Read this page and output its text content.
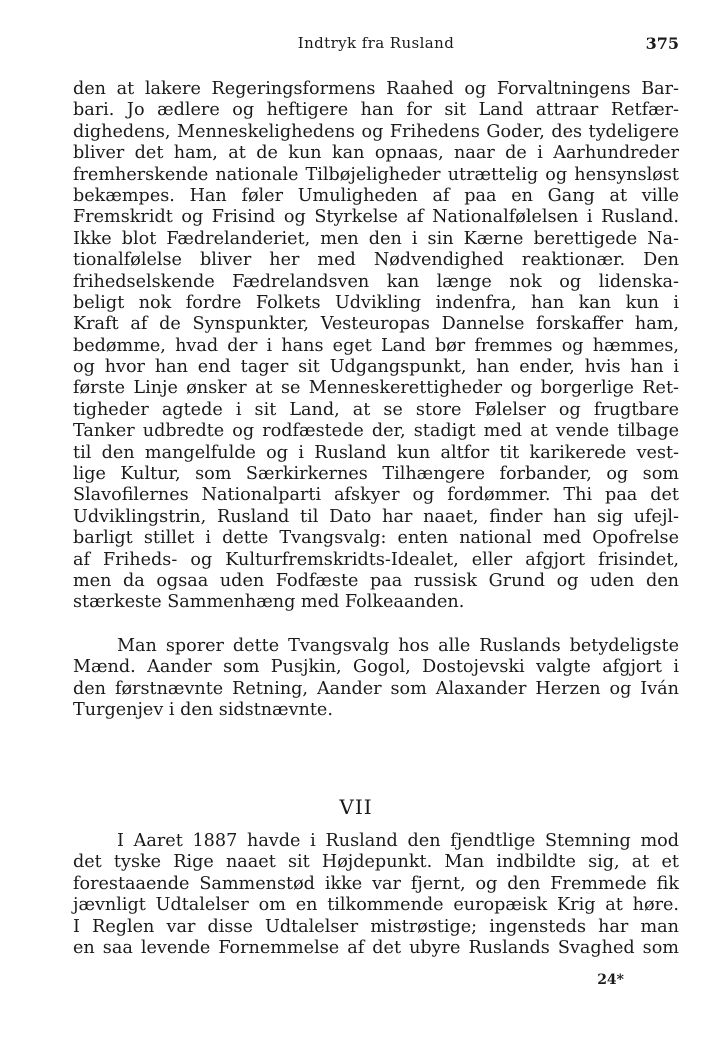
Indtryk fra Rusland	375
den at lakere Regeringsformens Raahed og Forvaltningens Bar-
bari. Jo ædlere og heftigere han for sit Land attraar Retfær-
dighedens, Menneskelighedens og Frihedens Goder, des tydeligere
bliver det ham, at de kun kan opnaas, naar de i Aarhundreder
fremherskende nationale Tilbøjeligheder utrættelig og hensynsløst
bekæmpes. Han føler Umuligheden af paa en Gang at ville
Fremskridt og Frisind og Styrkelse af Nationalfølelsen i Rusland.
Ikke blot Fædrelanderiet, men den i sin Kærne berettigede Na-
tionalfølelse bliver her med Nødvendighed reaktionær. Den
frihedselskende Fædrelandsven kan længe nok og lidenska-
beligt nok fordre Folkets Udvikling indenfra, han kan kun i
Kraft af de Synspunkter, Vesteuropas Dannelse forskaffer ham,
bedømme, hvad der i hans eget Land bør fremmes og hæmmes,
og hvor han end tager sit Udgangspunkt, han ender, hvis han i
første Linje ønsker at se Menneskerettigheder og borgerlige Ret-
tigheder agtede i sit Land, at se store Følelser og frugtbare
Tanker udbredte og rodfæstede der, stadigt med at vende tilbage
til den mangelfulde og i Rusland kun altfor tit karikerede vest-
lige Kultur, som Særkirkernes Tilhængere forbander, og som
Slavofilernes Nationalparti afskyer og fordømmer. Thi paa det
Udviklingstrin, Rusland til Dato har naaet, finder han sig ufejl-
barligt stillet i dette Tvangsvalg: enten national med Opofrelse
af Friheds- og Kulturfremskridts-Idealet, eller afgjort frisindet,
men da ogsaa uden Fodfæste paa russisk Grund og uden den
stærkeste Sammenhæng med Folkeaanden.
Man sporer dette Tvangsvalg hos alle Ruslands betydeligste
Mænd. Aander som Pusjkin, Gogol, Dostojevski valgte afgjort i
den førstnævnte Retning, Aander som Alaxander Herzen og Iván
Turgenjev i den sidstnævnte.
VII
I Aaret 1887 havde i Rusland den fjendtlige Stemning mod
det tyske Rige naaet sit Højdepunkt. Man indbildte sig, at et
forestaaende Sammenstød ikke var fjernt, og den Fremmede fik
jævnligt Udtalelser om en tilkommende europæisk Krig at høre.
I Reglen var disse Udtalelser mistrøstige; ingensteds har man
en saa levende Fornemmelse af det ubyre Ruslands Svaghed som
24*
